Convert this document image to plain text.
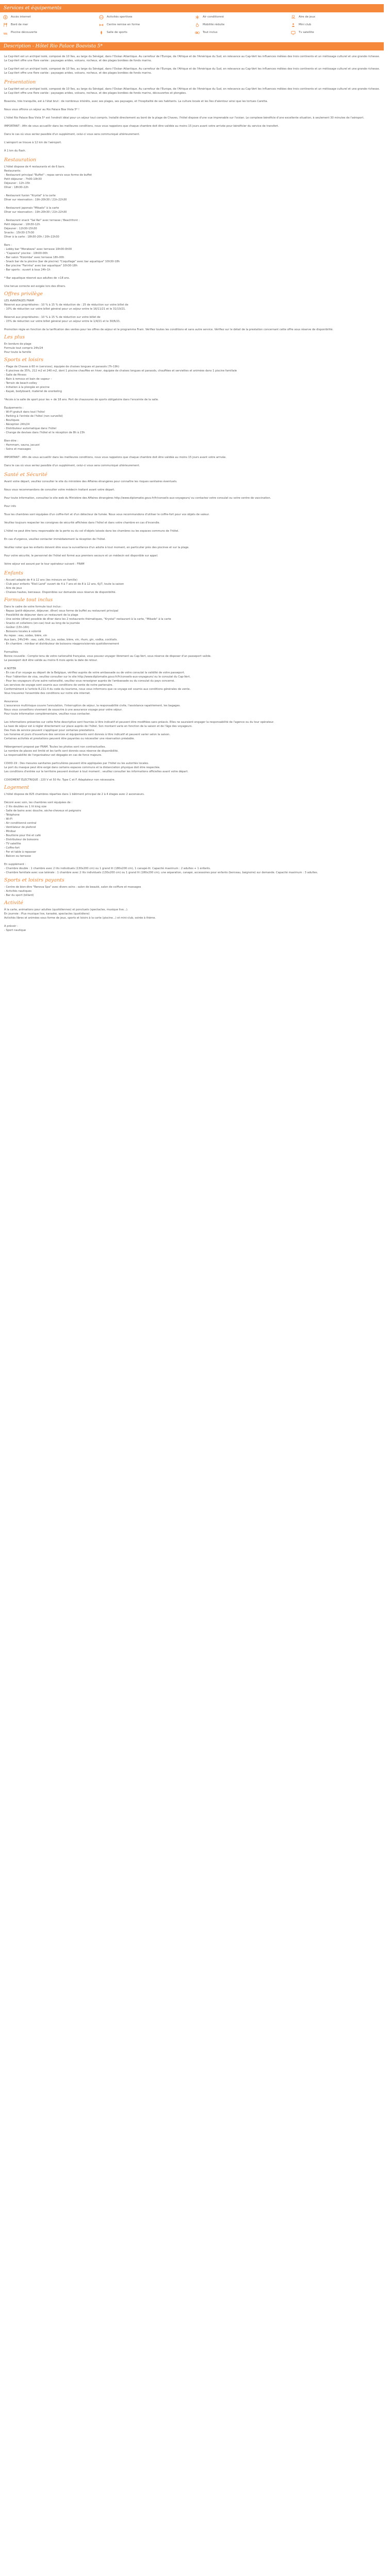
Services et équipements
Accès internet	Activités sportives	Air conditionné	Aire de jeux
Bord de mer	Centre remise en forme	Mobilité réduite	Mini club
Piscine découverte	Salle de sports	Tout inclus	Tv satellite
Description - Hôtel Rio Palace Boavista 5*

Le Cap-Vert est un archipel isolé, composé de 10 îles, au large du Sénégal, dans l'Océan Atlantique. Au carrefour de l'Europe, de l'Afrique et de l'Amérique du Sud, en relevance au Cap-Vert les influences mêlées des trois continents et un métissage culturel et une grande richesse. Le Cap-Vert offre une flore variée : paysages arides, volcans, rocheux, et des plages bordées de fonds marins.

Le Cap-Vert est un archipel isolé, composé de 10 îles, au large du Sénégal, dans l'Océan Atlantique. Au carrefour de l'Europe, de l'Afrique et de l'Amérique du Sud, en relevance au Cap-Vert les influences mêlées des trois continents et un métissage culturel et une grande richesse. Le Cap-Vert offre une flore variée : paysages arides, volcans, rocheux, et des plages bordées de fonds marins.

Présentation

Le Cap-Vert est un archipel isolé, composé de 10 îles, au large du Sénégal, dans l'Océan Atlantique. Au carrefour de l'Europe, de l'Afrique et de l'Amérique du Sud, en relevance au Cap-Vert les influences mêlées des trois continents et un métissage culturel et une grande richesse. Le Cap-Vert offre une flore variée : paysages arides, volcans, rocheux, et des plages bordées de fonds marins, découvertes et plongées.

Boavista, très tranquille, est à l'état brut : de nombreux intérêts, avec ses plages, ses paysages, et l'hospitalité de ses habitants. La culture locale et les îles d'alentour ainsi que les tortues Caretta.

Nous vous offrons un séjour au Rio Palace Boa Vista 5* !

L'hôtel Rio Palace Boa Vista 5* est l'endroit idéal pour un séjour tout compris. Installé directement au bord de la plage de Chaves, l'hôtel dispose d'une vue imprenable sur l'océan. Le complexe bénéficie d'une excellente situation, à seulement 30 minutes de l'aéroport.

IMPORTANT : Afin de vous accueillir dans les meilleures conditions, nous vous rappelons que chaque chambre doit être validée au moins 15 jours avant votre arrivée pour bénéficier du service de transfert.

Dans le cas où vous seriez passible d'un supplément, celui-ci vous sera communiqué ultérieurement.

L'aéroport se trouve à 12 km de l'aéroport.

À 1 km du flash.

Restauration

L'hôtel dispose de 4 restaurants et de 6 bars.

Restaurants:

- Restaurant principal "Buffet" : repas servis sous forme de buffet

Petit déjeuner : 7h00-10h30

Déjeuner : 12h-15h

Dîner : 18h30-22h

- Restaurant fusion "Krystal" à la carte

Dîner sur réservation : 19h-20h30 / 21h-22h30

- Restaurant japonais "Mikado" à la carte

Dîner sur réservation : 19h-20h30 / 21h-22h30

- Restaurant snack "Sal Rei" avec terrasse / Beachfront :

Petit déjeuner : 10h30-12h

Déjeuner : 12h30-15h30

Snacks : 15h30-17h30

Dîner à la carte : 18h30-20h / 20h-22h30

Bars :

- Lobby bar "Morabeza" avec terrasse 10h00-0h00

- "Capoeira" piscine : 10h00-00h

- Bar salon "Kizomba" avec terrasse 18h-00h

- Snack bar de la piscine (bar de piscine) "Coquillage" avec bar aquatique" 10h30-18h

- Bar piscine "Farinha" avec bar aquatique" 10h30-18h

- Bar sports : ouvert à tous 24h-1h

* Bar aquatique réservé aux adultes de +18 ans.

Une tenue correcte est exigée lors des dîners.

Offres privilège

LES AVANTAGES FRAM

Réservé aux propriétaires : 10 % à 15 % de réduction de : 25 de réduction sur votre billet de

- 10% de réduction sur votre billet général pour un séjour entre le 16/11/21 et le 31/10/21.

Réservé aux propriétaires : 10 % à 15 % de réduction sur votre billet de

- 15% de réduction sur votre billet général pour un séjour entre le 1/4/21 et le 30/6/21.

Promotion régie en fonction de la tarification des ventes pour les offres de séjour et le programme Fram. Vérifiez toutes les conditions et sans autre service. Vérifiez sur le détail de la prestation concernant cette offre sous réserve de disponibilité.

Les plus

En bordure de plage

Formule tout compris 24h/24

Pour toute la famille

Sports et loisirs

- Plage de Chaves à 60 m (services), équipée de chaises longues et parasols (7h-19h)

- 6 piscines de 35%, 212 m2 et 240 m2, dont 1 piscine chauffée en hiver, équipée de chaises longues et parasols, chauffées et serviettes et animées dans 1 piscine familiale

- Salle de fitness

- Bain à remous et bain de vapeur –

- Terrain de beach-volley

- Initiation à la plongée en piscine

- Kayak, bodyboard, matériel de snorkeling

*Accès à la salle de sport pour les + de 18 ans. Port de chaussures de sports obligatoire dans l'enceinte de la salle.

Équipements :

- Wi-Fi gratuit dans tout l'hôtel

- Parking à l'entrée de l'hôtel (non surveillé)

- Boutiques

- Réception 24h/24

- Distributeur automatique dans l'hôtel

- Change de devises dans l'hôtel et le réception de 8h à 23h

Bien-être :

- Hammam, sauna, jacuzzi

- Soins et massages

IMPORTANT : Afin de vous accueillir dans les meilleures conditions, nous vous rappelons que chaque chambre doit être validée au moins 15 jours avant votre arrivée.

Dans le cas où vous seriez passible d'un supplément, celui-ci vous sera communiqué ultérieurement.

Santé et Sécurité

Avant votre départ, veuillez consulter le site du ministère des Affaires étrangères pour connaître les risques sanitaires éventuels.

Nous vous recommandons de consulter votre médecin traitant avant votre départ.

Pour toute information, consultez le site web du Ministère des Affaires étrangères http://www.diplomatie.gouv.fr/fr/conseils-aux-voyageurs/ ou contactez votre consulat ou votre centre de vaccination.

Pour info

Tous les chambres sont équipées d'un coffre-fort et d'un détecteur de fumée. Nous vous recommandons d'utiliser le coffre-fort pour vos objets de valeur.

Veuillez toujours respecter les consignes de sécurité affichées dans l'hôtel et dans votre chambre en cas d'incendie.

L'hôtel ne peut être tenu responsable de la perte ou du vol d'objets laissés dans les chambres ou les espaces communs de l'hôtel.

En cas d'urgence, veuillez contacter immédiatement la réception de l'hôtel.

Veuillez noter que les enfants doivent être sous la surveillance d'un adulte à tout moment, en particulier près des piscines et sur la plage.

Pour votre sécurité, le personnel de l'hôtel est formé aux premiers secours et un médecin est disponible sur appel.

Votre séjour est assuré par le tour opérateur suivant : FRAM

Enfants

- Accueil adapté de 4 à 12 ans (les mineurs en famille)

- Club pour enfants "Rioli Land" ouvert de 4 à 7 ans et de 8 à 12 ans, 6j/7, toute la saison

- Aire de jeux

- Chaises hautes, berceaux. Disponibles sur demande sous réserve de disponibilité.

Formule tout inclus

Dans le cadre de votre formule tout inclus :

- Repas (petit-déjeuner, déjeuner, dîner) sous forme de buffet au restaurant principal

- Possibilité de déjeuner dans un restaurant de la plage

- Une soirée (dîner) possible de dîner dans les 2 restaurants thématiques, "Krystal" restaurant à la carte, "Mikado" à la carte

- Snacks et collations (en-cas) tout au long de la journée

- Goûter (15h-16h)

- Boissons locales à volonté

Au repas : eau, sodas, bière, vin

Aux bars, 24h/24h : eau, café, thé, jus, sodas, bière, vin, rhum, gin, vodka, cocktails.

- En chambre : minibar et distributeur de boissons réapprovisionnés quotidiennement

Formalités

Bonne nouvelle : Compte tenu de votre nationalité française, vous pouvez voyager librement au Cap-Vert, sous réserve de disposer d'un passeport valide.

Le passeport doit être valide au moins 6 mois après la date de retour.

A NOTER

- En cas d'un voyage au départ de la Belgique, vérifiez auprès de votre ambassade ou de votre consulat la validité de votre passeport.

- Pour l'obtention de visa, veuillez consulter sur le site http://www.diplomatie.gouv.fr/fr/conseils-aux-voyageurs/ ou le consulat du Cap-Vert.

- Pour les voyageurs d'une autre nationalité, veuillez vous renseigner auprès de l'ambassade ou du consulat du pays concerné.

Les services de voyage sont soumis aux conditions de vente de notre partenaire.

Conformément à l'article R.211-4 du code du tourisme, nous vous informons que ce voyage est soumis aux conditions générales de vente.

Vous trouverez l'ensemble des conditions sur notre site internet.

Assurance

L'assurance multirisque couvre l'annulation, l'interruption de séjour, la responsabilité civile, l'assistance rapatriement, les bagages.

Nous vous conseillons vivement de souscrire à une assurance voyage pour votre séjour.

Pour toute information complémentaire, veuillez nous contacter.

Les informations présentes sur cette fiche descriptive sont fournies à titre indicatif et peuvent être modifiées sans préavis. Elles ne sauraient engager la responsabilité de l'agence ou du tour opérateur.

La taxe de séjour est à régler directement sur place auprès de l'hôtel. Son montant varie en fonction de la saison et de l'âge des voyageurs.

Des frais de service peuvent s'appliquer pour certaines prestations.

Les horaires et jours d'ouverture des services et équipements sont donnés à titre indicatif et peuvent varier selon la saison.

Certaines activités et prestations peuvent être payantes ou nécessiter une réservation préalable.

Hébergement proposé par FRAM. Toutes les photos sont non contractuelles.

Le nombre de places est limité et les tarifs sont donnés sous réserve de disponibilité.

La responsabilité de l'organisateur est dégagée en cas de force majeure.

COVID-19 : Des mesures sanitaires particulières peuvent être appliquées par l'hôtel ou les autorités locales.

Le port du masque peut être exigé dans certains espaces communs et la distanciation physique doit être respectée.

Les conditions d'entrée sur le territoire peuvent évoluer à tout moment ; veuillez consulter les informations officielles avant votre départ.

COVIDMENT ÉLECTRIQUE : 220 V et 50 Hz. Type C et F. Adaptateur non nécessaire.

Logement

L'hôtel dispose de 825 chambres réparties dans 1 bâtiment principal de 2 à 4 étages avec 2 ascenseurs.

Décoré avec soin, les chambres sont équipées de :

- 2 lits doubles ou 1 lit king size

- Salle de bains avec douche, sèche-cheveux et peignoirs

- Téléphone

- Wi-Fi

- Air conditionné central

- Ventilateur de plafond

- Minibar

- Bouilloire pour thé et café

- Distributeur de boissons

- TV satellite

- Coffre-fort

- Fer et table à repasser

- Balcon ou terrasse

En supplément :

- Chambre double : 1 chambre avec 2 lits individuels (130x200 cm) ou 1 grand lit (180x200 cm), 1 canapé-lit. Capacité maximum : 2 adultes + 1 enfants.

- Chambre familiale avec vue latérale : 1 chambre avec 2 lits individuels (130x200 cm) ou 1 grand lit (180x200 cm), une séparation, canapé, accessoires pour enfants (berceau, baignoire) sur demande. Capacité maximum : 3 adultes.

Sports et loisirs payants

- Centre de bien-être "Renova Spa" avec divers soins : salon de beauté, salon de coiffure et massages

- Activités nautiques

- Bar du sport (billard)

Activité

À la carte, animations pour adultes (quotidiennes) et ponctuels (spectacles, musique live...).

En journée : Plus musique live, karaoké, spectacles (quotidiens)

Activités libres et animées sous forme de jeux, sports et loisirs à la carte (piscine...) et mini-club, soirée à thème.

A prévoir :

- Sport nautique
